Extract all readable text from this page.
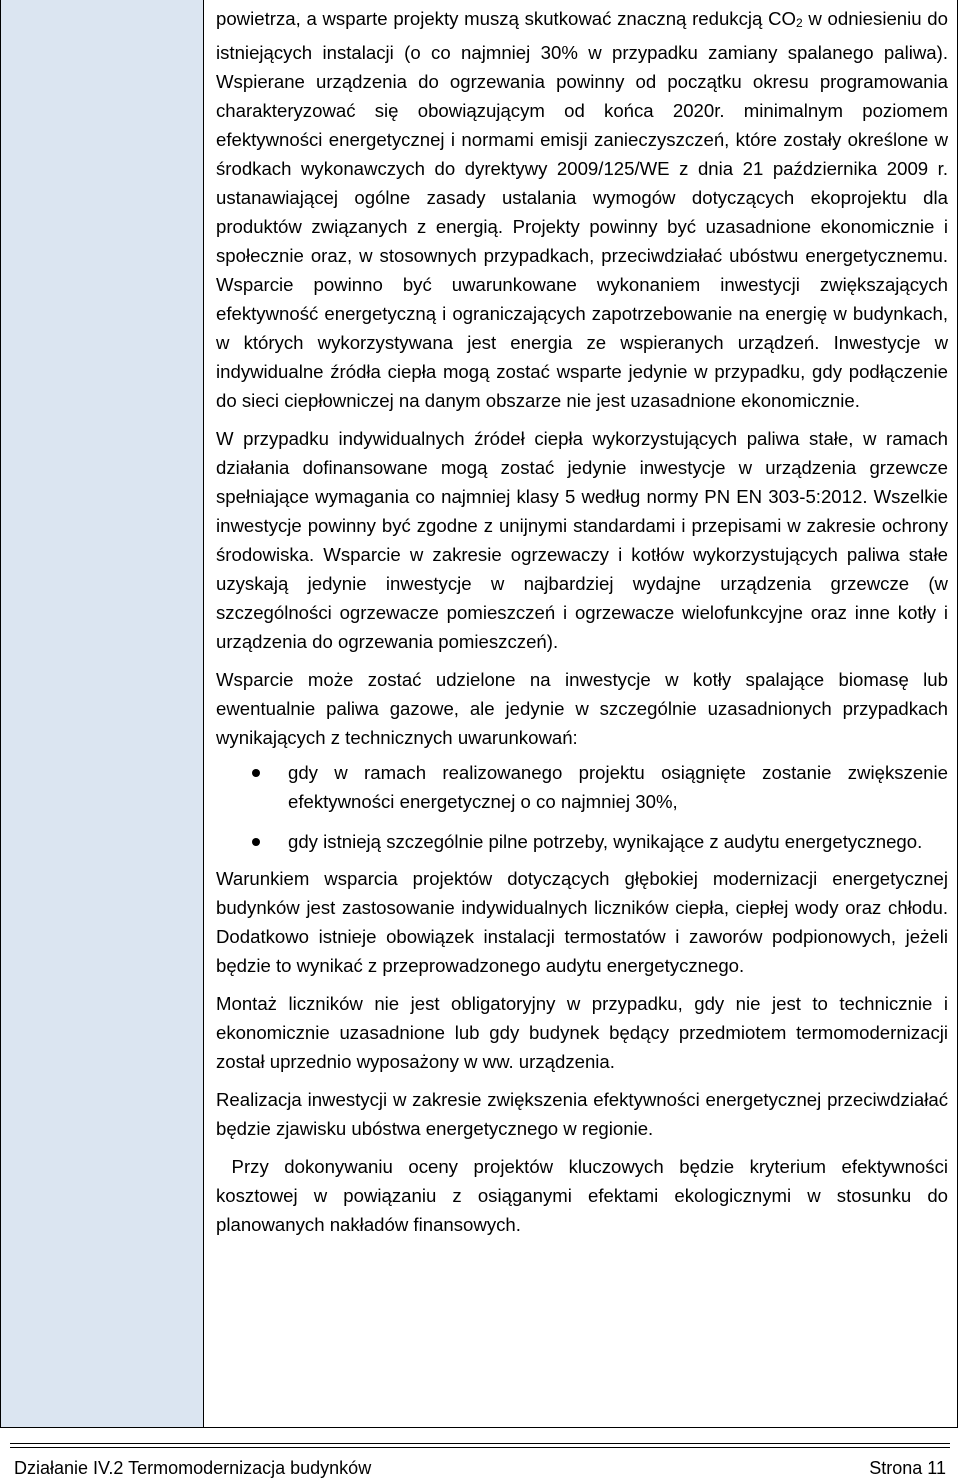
powietrza, a wsparte projekty muszą skutkować znaczną redukcją $CO_2$ w odniesieniu do istniejących instalacji (o co najmniej 30% w przypadku zamiany spalanego paliwa). Wspierane urządzenia do ogrzewania powinny od początku okresu programowania charakteryzować się obowiązującym od końca 2020r. minimalnym poziomem efektywności energetycznej i normami emisji zanieczyszczeń, które zostały określone w środkach wykonawczych do dyrektywy 2009/125/WE z dnia 21 października 2009 r. ustanawiającej ogólne zasady ustalania wymogów dotyczących ekoprojektu dla produktów związanych z energią. Projekty powinny być uzasadnione ekonomicznie i społecznie oraz, w stosownych przypadkach, przeciwdziałać ubóstwu energetycznemu. Wsparcie powinno być uwarunkowane wykonaniem inwestycji zwiększających efektywność energetyczną i ograniczających zapotrzebowanie na energię w budynkach, w których wykorzystywana jest energia ze wspieranych urządzeń. Inwestycje w indywidualne źródła ciepła mogą zostać wsparte jedynie w przypadku, gdy podłączenie do sieci ciepłowniczej na danym obszarze nie jest uzasadnione ekonomicznie.

W przypadku indywidualnych źródeł ciepła wykorzystujących paliwa stałe, w ramach działania dofinansowane mogą zostać jedynie inwestycje w urządzenia grzewcze spełniające wymagania co najmniej klasy 5 według normy PN EN 303-5:2012. Wszelkie inwestycje powinny być zgodne z unijnymi standardami i przepisami w zakresie ochrony środowiska. Wsparcie w zakresie ogrzewaczy i kotłów wykorzystujących paliwa stałe uzyskają jedynie inwestycje w najbardziej wydajne urządzenia grzewcze (w szczególności ogrzewacze pomieszczeń i ogrzewacze wielofunkcyjne oraz inne kotły i urządzenia do ogrzewania pomieszczeń).

Wsparcie może zostać udzielone na inwestycje w kotły spalające biomasę lub ewentualnie paliwa gazowe, ale jedynie w szczególnie uzasadnionych przypadkach wynikających z technicznych uwarunkowań:

gdy w ramach realizowanego projektu osiągnięte zostanie zwiększenie efektywności energetycznej o co najmniej 30%,
gdy istnieją szczególnie pilne potrzeby, wynikające z audytu energetycznego.

Warunkiem wsparcia projektów dotyczących głębokiej modernizacji energetycznej budynków jest zastosowanie indywidualnych liczników ciepła, ciepłej wody oraz chłodu. Dodatkowo istnieje obowiązek instalacji termostatów i zaworów podpionowych, jeżeli będzie to wynikać z przeprowadzonego audytu energetycznego.

Montaż liczników nie jest obligatoryjny w przypadku, gdy nie jest to technicznie i ekonomicznie uzasadnione lub gdy budynek będący przedmiotem termomodernizacji został uprzednio wyposażony w ww. urządzenia.

Realizacja inwestycji w zakresie zwiększenia efektywności energetycznej przeciwdziałać będzie zjawisku ubóstwa energetycznego w regionie.

Przy dokonywaniu oceny projektów kluczowych będzie kryterium efektywności kosztowej w powiązaniu z osiąganymi efektami ekologicznymi w stosunku do planowanych nakładów finansowych.

Działanie IV.2 Termomodernizacja budynków	Strona 11
